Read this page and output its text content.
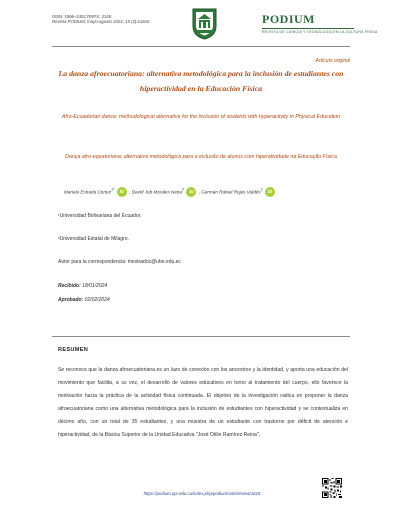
ISSN: 1996–2452 RNPS: 2148
Revista PODIUM, mayo-agosto 2024; 19 (2):e1618	PODIUM
REVISTA DE CIENCIA Y TECNOLOGÍA EN LA CULTURA FÍSICA
Artículo original
La danza afroecuatoriana: alternativa metodológica para la inclusión de estudiantes con hiperactividad en la Educación Física
Afro-Ecuadorian dance: methodological alternative for the inclusion of students with hyperactivity in Physical Education
Dança afro-equatoriana: alternativa metodológica para a inclusão de alunos com hiperatividade na Educação Física
Mariela Estrada Cortez$^{1*}$ iD , David Job Morales Neira$^2$ iD , Germán Rafael Rojas Valdés$^1$ iD
¹Universidad Bolivariana del Ecuador.
²Universidad Estatal de Milagro.
Autor para la correspondencia: mestradoc@ube.edu.ec
Recibido: 18/01/2024
Aprobado: 02/02/2024
RESUMEN
Se reconoce que la danza afroecuatoriana es un lazo de conexión con los ancestros y la identidad, y aporta una educación del movimiento que facilita, a su vez, el desarrollo de valores educativos en torno al tratamiento del cuerpo, ello favorece la motivación hacia la práctica de la actividad física continuada. El objetivo de la investigación radica en proponer la danza afroecuatoriana como una alternativa metodológica para la inclusión de estudiantes con hiperactividad y se contextualiza en décimo año, con un total de 35 estudiantes, y una muestra de un estudiante con trastorno por déficit de atención e hiperactividad, de la Básica Superior de la Unidad Educativa "José Otilio Ramírez Reina",
https://podium.upr.edu.cu/index.php/podium/article/view/1618
